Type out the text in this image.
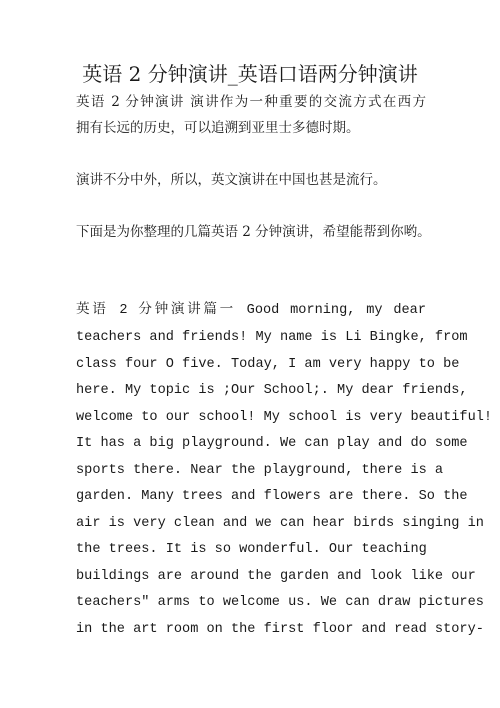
英语 2 分钟演讲_英语口语两分钟演讲
英语 2 分钟演讲 演讲作为一种重要的交流方式在西方
拥有长远的历史，可以追溯到亚里士多德时期。
演讲不分中外，所以，英文演讲在中国也甚是流行。
下面是为你整理的几篇英语 2 分钟演讲，希望能帮到你哟。
英语 2 分钟演讲篇一 Good morning, my dear
teachers and friends! My name is Li Bingke, from
class four O five. Today, I am very happy to be
here. My topic is ;Our School;. My dear friends,
welcome to our school! My school is very beautiful!
It has a big playground. We can play and do some
sports there. Near the playground, there is a
garden. Many trees and flowers are there. So the
air is very clean and we can hear birds singing in
the trees. It is so wonderful. Our teaching
buildings are around the garden and look like our
teachers" arms to welcome us. We can draw pictures
in the art room on the first floor and read story-
